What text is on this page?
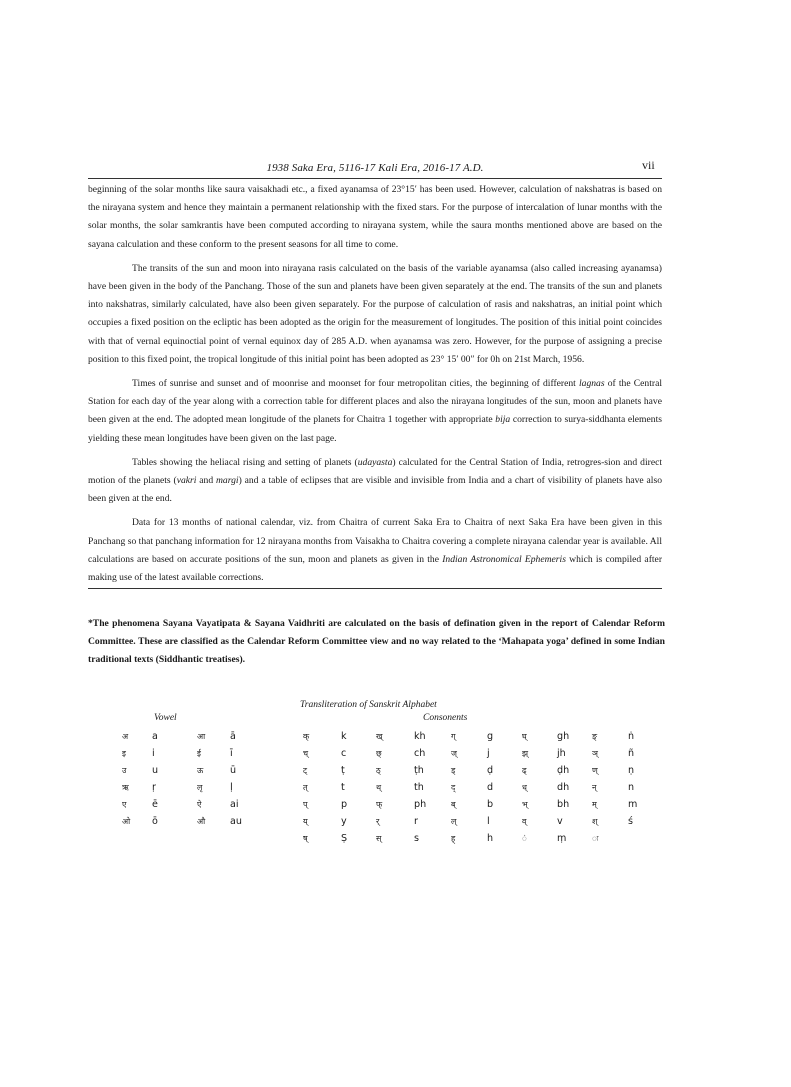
1938 Saka Era, 5116-17 Kali Era, 2016-17 A.D.	vii

beginning of the solar months like saura vaisakhadi etc., a fixed ayanamsa of 23°15′ has been used. However, calculation of nakshatras is based on the nirayana system and hence they maintain a permanent relationship with the fixed stars. For the purpose of intercalation of lunar months with the solar months, the solar samkrantis have been computed according to nirayana system, while the saura months mentioned above are based on the sayana calculation and these conform to the present seasons for all time to come.

The transits of the sun and moon into nirayana rasis calculated on the basis of the variable ayanamsa (also called increasing ayanamsa) have been given in the body of the Panchang. Those of the sun and planets have been given separately at the end. The transits of the sun and planets into nakshatras, similarly calculated, have also been given separately. For the purpose of calculation of rasis and nakshatras, an initial point which occupies a fixed position on the ecliptic has been adopted as the origin for the measurement of longitudes. The position of this initial point coincides with that of vernal equinoctial point of vernal equinox day of 285 A.D. when ayanamsa was zero. However, for the purpose of assigning a precise position to this fixed point, the tropical longitude of this initial point has been adopted as 23° 15′ 00″ for 0h on 21st March, 1956.

Times of sunrise and sunset and of moonrise and moonset for four metropolitan cities, the beginning of different lagnas of the Central Station for each day of the year along with a correction table for different places and also the nirayana longitudes of the sun, moon and planets have been given at the end. The adopted mean longitude of the planets for Chaitra 1 together with appropriate bija correction to surya-siddhanta elements yielding these mean longitudes have been given on the last page.

Tables showing the heliacal rising and setting of planets (udayasta) calculated for the Central Station of India, retrogres-sion and direct motion of the planets (vakri and margi) and a table of eclipses that are visible and invisible from India and a chart of visibility of planets have also been given at the end.

Data for 13 months of national calendar, viz. from Chaitra of current Saka Era to Chaitra of next Saka Era have been given in this Panchang so that panchang information for 12 nirayana months from Vaisakha to Chaitra covering a complete nirayana calendar year is available. All calculations are based on accurate positions of the sun, moon and planets as given in the Indian Astronomical Ephemeris which is compiled after making use of the latest available corrections.

*The phenomena Sayana Vayatipata & Sayana Vaidhriti are calculated on the basis of defination given in the report of Calendar Reform Committee. These are classified as the Calendar Reform Committee view and no way related to the ‘Mahapata yoga’ defined in some Indian traditional texts (Siddhantic treatises).
Transliteration of Sanskrit Alphabet
Vowel	Consonents
अ a	आ	ā
इ	i	ई	ī
उ	u	ऊ	ū
ऋ ṛ	लृ	ḷ
ए	ē	ऐ	ai
ओ ō	औ	au
क्	k	ख्	kh	ग्	g	घ्	gh	ङ्	ṅ
च्	c	छ्	ch	ज्	j	झ्	jh	ञ्	ñ
ट्	ṭ	ठ्	ṭh	ड्	ḍ	ढ्	ḍh	ण्	ṇ
त्	t	थ्	th	द्	d	ध्	dh	न्	n
प्	p	फ्	ph	ब्	b	भ्	bh	म्	m
य्	y	र्	r	ल्	l	व्	v	श्	ś
ष्	Ṣ	स्	s	ह्	h	ं	ṃ	ः
